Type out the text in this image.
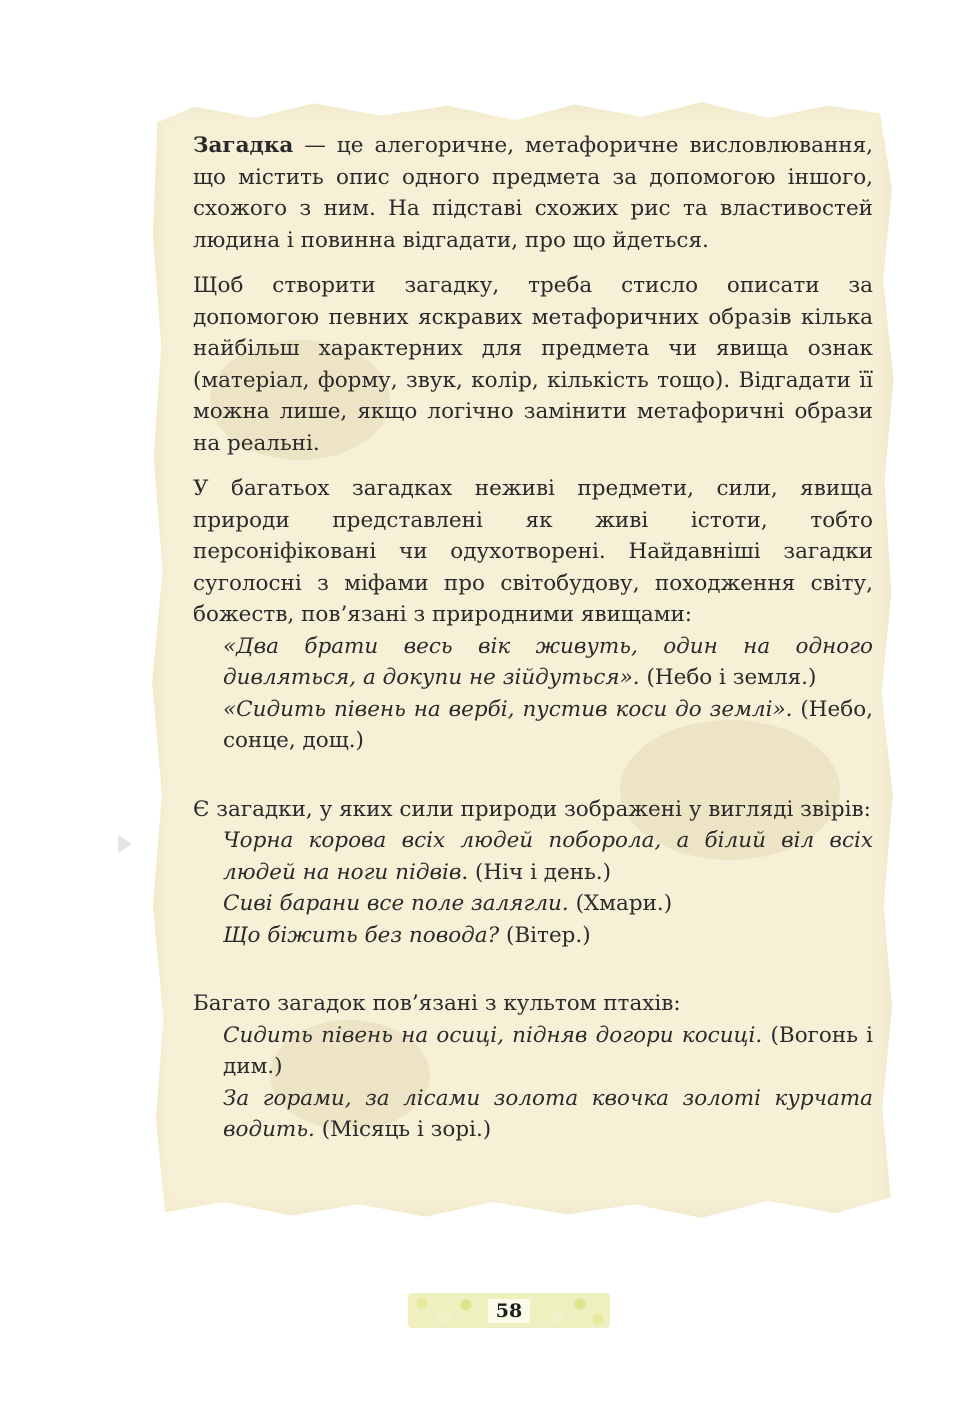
Загадка — це алегоричне, метафоричне висловлювання, що містить опис одного предмета за допомогою іншого, схожого з ним. На підставі схожих рис та властивостей людина і повинна відгадати, про що йдеться.

Щоб створити загадку, треба стисло описати за допомогою певних яскравих метафоричних образів кілька найбільш характерних для предмета чи явища ознак (матеріал, форму, звук, колір, кількість тощо). Відгадати її можна лише, якщо логічно замінити метафоричні образи на реальні.

У багатьох загадках неживі предмети, сили, явища природи представлені як живі істоти, тобто персоніфіковані чи одухотворені. Найдавніші загадки суголосні з міфами про світобудову, походження світу, божеств, пов’язані з природними явищами:

«Два брати весь вік живуть, один на одного дивляться, а докупи не зійдуться». (Небо і земля.)

«Сидить півень на вербі, пустив коси до землі». (Небо, сонце, дощ.)

Є загадки, у яких сили природи зображені у вигляді звірів:

Чорна корова всіх людей поборола, а білий віл всіх людей на ноги підвів. (Ніч і день.)

Сиві барани все поле залягли. (Хмари.)

Що біжить без повода? (Вітер.)

Багато загадок пов’язані з культом птахів:

Сидить півень на осиці, підняв догори косиці. (Вогонь і дим.)

За горами, за лісами золота квочка золоті курчата водить. (Місяць і зорі.)

58
